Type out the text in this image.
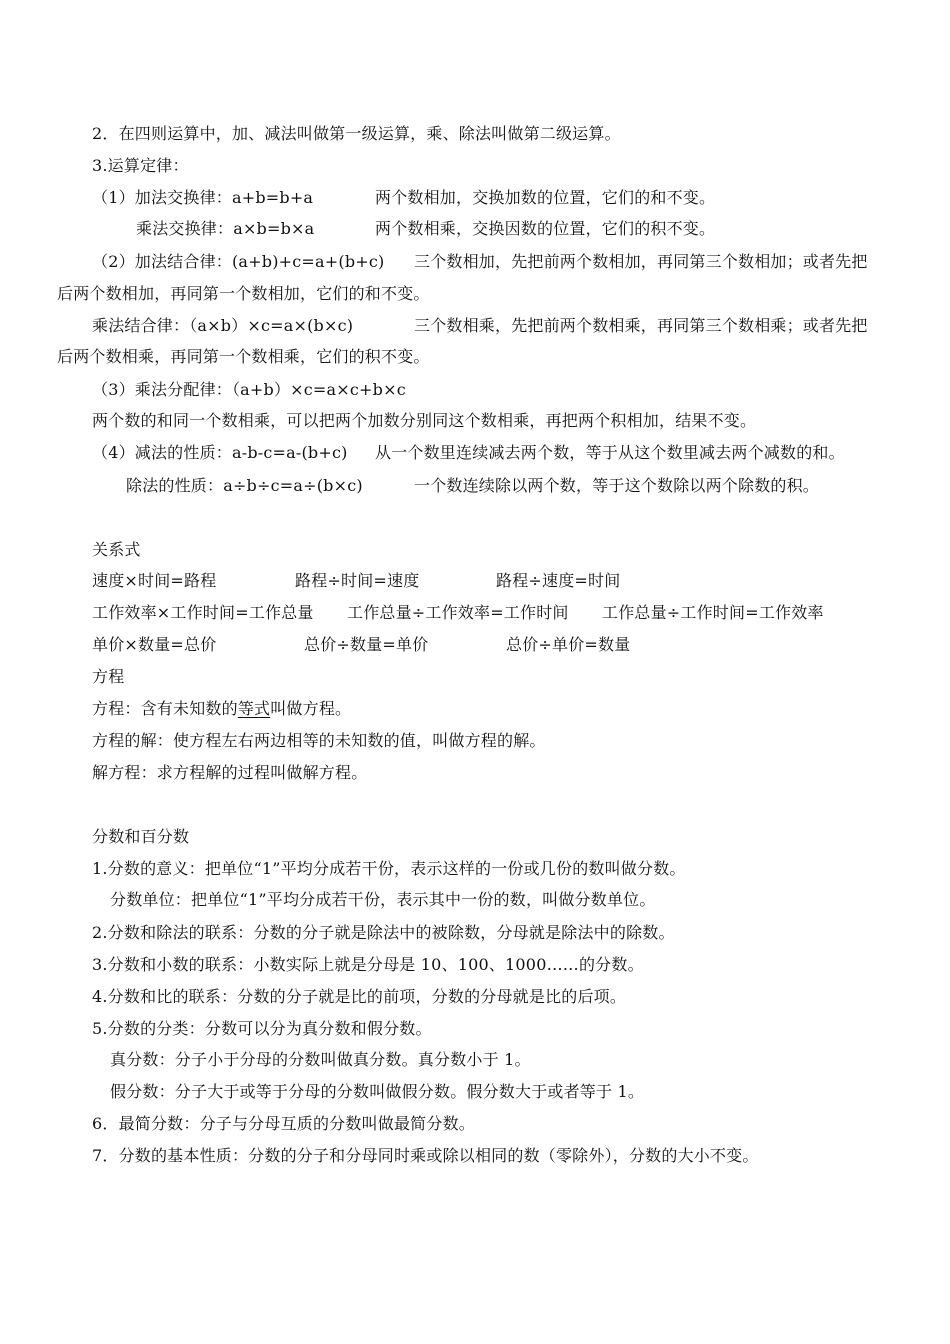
2．在四则运算中，加、减法叫做第一级运算，乘、除法叫做第二级运算。
3.运算定律：
（1）加法交换律：a+b=b+a	两个数相加，交换加数的位置，它们的和不变。
乘法交换律：a×b=b×a	两个数相乘，交换因数的位置，它们的积不变。
（2）加法结合律：(a+b)+c=a+(b+c) 三个数相加，先把前两个数相加，再同第三个数相加；或者先把
后两个数相加，再同第一个数相加，它们的和不变。
乘法结合律：（a×b）×c=a×(b×c)	三个数相乘，先把前两个数相乘，再同第三个数相乘；或者先把
后两个数相乘，再同第一个数相乘，它们的积不变。
（3）乘法分配律：（a+b）×c=a×c+b×c
两个数的和同一个数相乘，可以把两个加数分别同这个数相乘，再把两个积相加，结果不变。
（4）减法的性质：a-b-c=a-(b+c) 从一个数里连续减去两个数，等于从这个数里减去两个减数的和。
除法的性质：a÷b÷c=a÷(b×c)	一个数连续除以两个数，等于这个数除以两个除数的积。
关系式
速度×时间=路程	路程÷时间=速度	路程÷速度=时间
工作效率×工作时间=工作总量 工作总量÷工作效率=工作时间 工作总量÷工作时间=工作效率
单价×数量=总价	总价÷数量=单价	总价÷单价=数量
方程
方程：含有未知数的等式叫做方程。
方程的解：使方程左右两边相等的未知数的值，叫做方程的解。
解方程：求方程解的过程叫做解方程。
分数和百分数
1.分数的意义：把单位“1”平均分成若干份，表示这样的一份或几份的数叫做分数。
分数单位：把单位“1”平均分成若干份，表示其中一份的数，叫做分数单位。
2.分数和除法的联系：分数的分子就是除法中的被除数，分母就是除法中的除数。
3.分数和小数的联系：小数实际上就是分母是 10、100、1000……的分数。
4.分数和比的联系：分数的分子就是比的前项，分数的分母就是比的后项。
5.分数的分类：分数可以分为真分数和假分数。
真分数：分子小于分母的分数叫做真分数。真分数小于 1。
假分数：分子大于或等于分母的分数叫做假分数。假分数大于或者等于 1。
6．最简分数：分子与分母互质的分数叫做最简分数。
7．分数的基本性质：分数的分子和分母同时乘或除以相同的数（零除外），分数的大小不变。
